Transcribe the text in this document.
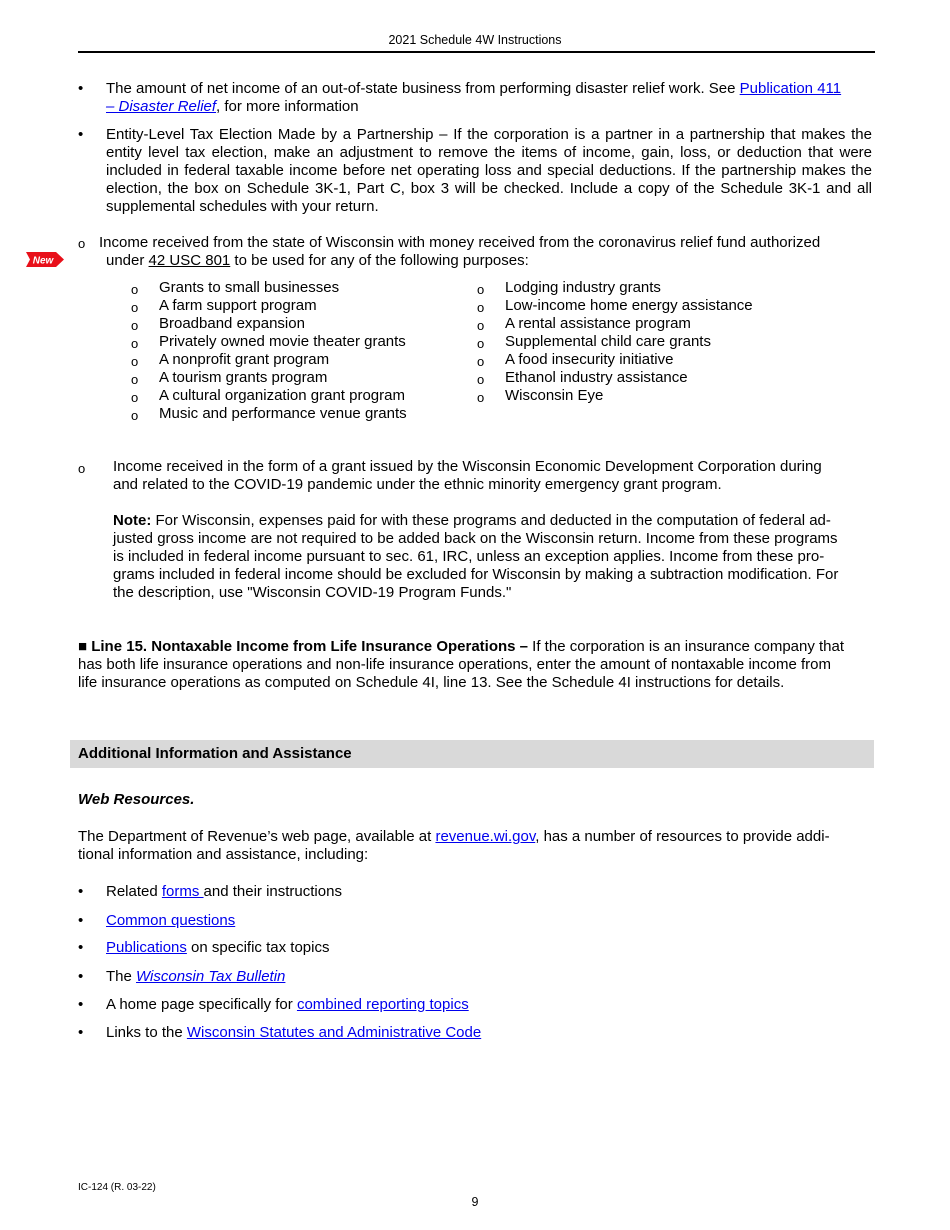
2021 Schedule 4W Instructions
• The amount of net income of an out-of-state business from performing disaster relief work. See Publication 411
– Disaster Relief, for more information
• Entity-Level Tax Election Made by a Partnership – If the corporation is a partner in a partnership that makes the entity level tax election, make an adjustment to remove the items of income, gain, loss, or deduction that were included in federal taxable income before net operating loss and special deductions. If the partnership makes the election, the box on Schedule 3K-1, Part C, box 3 will be checked. Include a copy of the Schedule 3K-1 and all supplemental schedules with your return.
New
o Income received from the state of Wisconsin with money received from the coronavirus relief fund authorized
under 42 USC 801 to be used for any of the following purposes:
o Grants to small businesses
o A farm support program
o Broadband expansion
o Privately owned movie theater grants
o A nonprofit grant program
o A tourism grants program
o A cultural organization grant program
o Music and performance venue grants
o Lodging industry grants
o Low-income home energy assistance
o A rental assistance program
o Supplemental child care grants
o A food insecurity initiative
o Ethanol industry assistance
o Wisconsin Eye
o Income received in the form of a grant issued by the Wisconsin Economic Development Corporation during
and related to the COVID-19 pandemic under the ethnic minority emergency grant program.
Note: For Wisconsin, expenses paid for with these programs and deducted in the computation of federal ad-
justed gross income are not required to be added back on the Wisconsin return. Income from these programs
is included in federal income pursuant to sec. 61, IRC, unless an exception applies. Income from these pro-
grams included in federal income should be excluded for Wisconsin by making a subtraction modification. For
the description, use "Wisconsin COVID-19 Program Funds."
■ Line 15. Nontaxable Income from Life Insurance Operations – If the corporation is an insurance company that
has both life insurance operations and non-life insurance operations, enter the amount of nontaxable income from
life insurance operations as computed on Schedule 4I, line 13. See the Schedule 4I instructions for details.
Additional Information and Assistance
Web Resources.
The Department of Revenue’s web page, available at revenue.wi.gov, has a number of resources to provide addi-
tional information and assistance, including:
• Related forms and their instructions
• Common questions
• Publications on specific tax topics
• The Wisconsin Tax Bulletin
• A home page specifically for combined reporting topics
• Links to the Wisconsin Statutes and Administrative Code
IC-124 (R. 03-22)
9
